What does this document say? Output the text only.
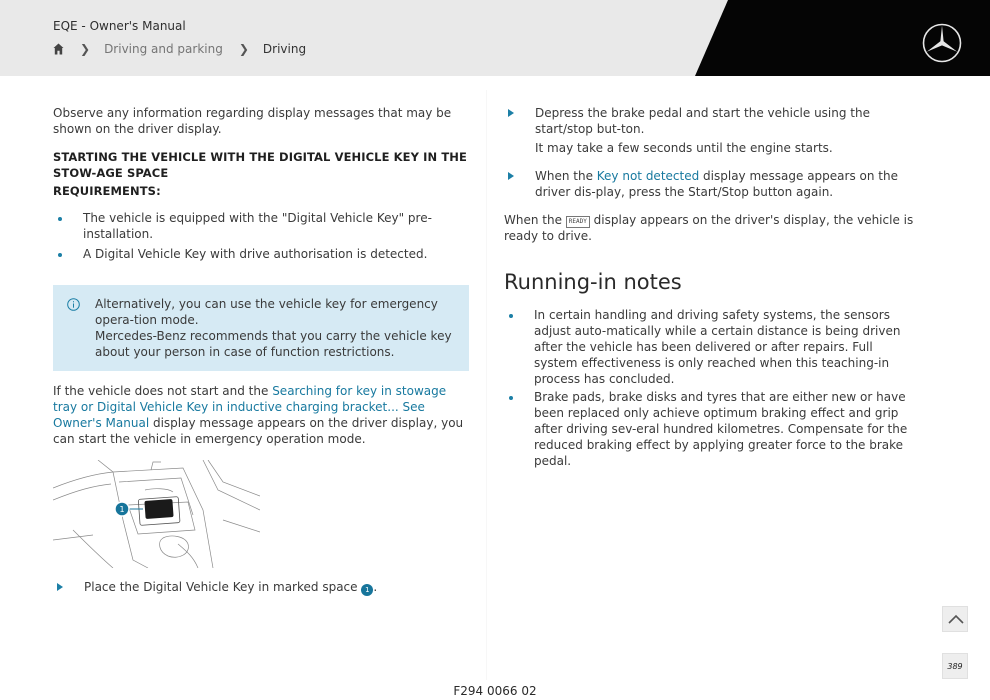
EQE - Owner's Manual
❯ Driving and parking ❯ Driving

Observe any information regarding display messages that may be shown on the driver display.

STARTING THE VEHICLE WITH THE DIGITAL VEHICLE KEY IN THE STOW-AGE SPACE

REQUIREMENTS:

The vehicle is equipped with the "Digital Vehicle Key" pre-installation.
A Digital Vehicle Key with drive authorisation is detected.

Alternatively, you can use the vehicle key for emergency opera-tion mode.

Mercedes-Benz recommends that you carry the vehicle key about your person in case of function restrictions.

If the vehicle does not start and the Searching for key in stowage tray or Digital Vehicle Key in inductive charging bracket... See Owner's Manual display message appears on the driver display, you can start the vehicle in emergency operation mode.

1

Place the Digital Vehicle Key in marked space 1 .

Depress the brake pedal and start the vehicle using the start/stop but-ton.

It may take a few seconds until the engine starts.

When the Key not detected display message appears on the driver dis-play, press the Start/Stop button again.

When the READY display appears on the driver's display, the vehicle is ready to drive.

Running-in notes
In certain handling and driving safety systems, the sensors adjust auto-matically while a certain distance is being driven after the vehicle has been delivered or after repairs. Full system effectiveness is only reached when this teaching-in process has concluded.
Brake pads, brake disks and tyres that are either new or have been replaced only achieve optimum braking effect and grip after driving sev-eral hundred kilometres. Compensate for the reduced braking effect by applying greater force to the brake pedal.
389
F294 0066 02
